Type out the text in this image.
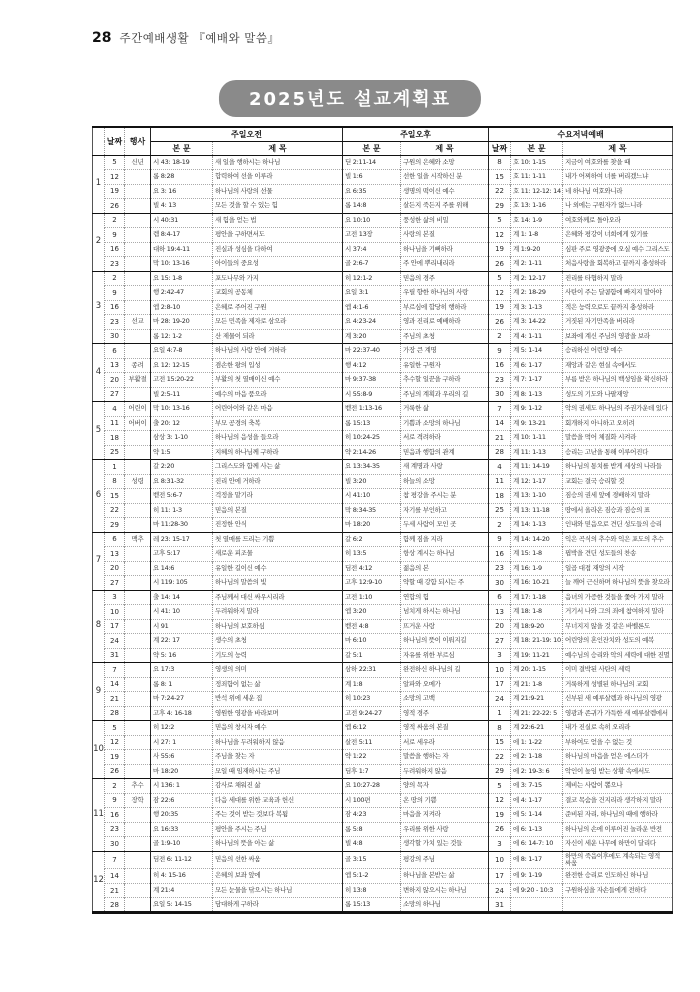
28 주간예배생활 『예배와 말씀』
2025년도 설교계획표
	날짜	행사	주일오전		주일오후		수요저녁예배		
			본 문	제 목	본 문	제 목	날짜	본 문	제 목
1	5	신년	시 43: 18-19	새 일을 행하시는 하나님	딛 2:11-14	구원의 은혜와 소망	8	호 10: 1-15	지금이 여호와를 찾을 때
	12		롬 8:28	합력하여 선을 이루라	빌 1:6	선한 일을 시작하신 분	15	호 11: 1-11	내가 어찌하여 너를 버리겠느냐
	19		요 3: 16	하나님의 사랑의 선물	요 6:35	생명의 떡이신 예수	22	호 11: 12-12: 14	네 하나님 여호와니라
	26		빌 4: 13	모든 것을 할 수 있는 힘	롬 14:8	살든지 죽든지 주를 위해	29	호 13: 1-16	나 외에는 구원자가 없느니라
2	2		시 40:31	새 힘을 얻는 법	요 10:10	풍성한 삶의 비밀	5	호 14: 1-9	여호와께로 돌아오라
	9		렘 8:4-17	평안을 구하면서도	고전 13장	사랑의 본질	12	계 1: 1-8	은혜와 평강이 너희에게 있기를
	16		대하 19:4-11	진실과 성심을 다하여	시 37:4	하나님을 기뻐하라	19	계 1:9-20	심판 주로 영광중에 오실 예수 그리스도
	23		막 10: 13-16	아이들의 중요성	골 2:6-7	주 안에 뿌리내리라	26	계 2: 1-11	처음사랑을 회복하고 끝까지 충성하라
3	2		요 15: 1-8	포도나무와 가지	히 12:1-2	믿음의 경주	5	계 2: 12-17	진리를 타협하지 말라
	9		행 2:42-47	교회의 공동체	요일 3:1	우릴 향한 하나님의 사랑	12	계 2: 18-29	사탄이 주는 달콤함에 빠지지 말아야
	16		엡 2:8-10	은혜로 주어진 구원	엡 4:1-6	부르심에 합당히 행하라	19	계 3: 1-13	적은 능력으로도 끝까지 충성하라
	23	선교	마 28: 19-20	모든 민족을 제자로 삼으라	요 4:23-24	영과 진리로 예배하라	26	계 3: 14-22	거짓된 자기만족을 버리라
	30		롬 12: 1-2	산 제물이 되라	계 3:20	주님의 초청	2	계 4: 1-11	보좌에 계신 주님의 영광을 보라
4	6		요일 4:7-8	하나님의 사랑 안에 거하라	마 22:37-40	가장 큰 계명	9	계 5: 1-14	승리하신 어린양 예수
	13	종려	요 12: 12-15	겸손한 왕의 입성	행 4:12	유일한 구원자	16	계 6: 1-17	재앙과 같은 현실 속에서도
	20	부활절	고전 15:20-22	부활의 첫 열매이신 예수	마 9:37-38	추수할 일꾼을 구하라	23	계 7: 1-17	부름 받은 하나님의 백성임을 확신하라
	27		빌 2:5-11	예수의 마음 품으라	시 55:8-9	주님의 계획과 우리의 길	30	계 8: 1-13	성도의 기도와 나팔재앙
5	4	어린이	막 10: 13-16	어린아이와 같은 마음	벧전 1:13-16	거룩한 삶	7	계 9: 1-12	악의 권세도 하나님의 주권가운데 있다
	11	어버이	출 20: 12	부모 공경의 축복	롬 15:13	기쁨과 소망의 하나님	14	계 9: 13-21	회개하지 아니하고 오히려
	18		삼상 3: 1-10	하나님의 음성을 들으라	히 10:24-25	서로 격려하라	21	계 10: 1-11	말씀을 먹어 체질화 시켜라
	25		약 1:5	지혜의 하나님께 구하라	약 2:14-26	믿음과 행함의 관계	28	계 11: 1-13	승리는 고난을 통해 이루어진다
6	1		갈 2:20	그리스도와 함께 사는 삶	요 13:34-35	새 계명과 사랑	4	계 11: 14-19	하나님의 통치를 받게 세상의 나라들
	8	성령	요 8:31-32	진리 안에 거하라	빌 3:20	하늘의 소망	11	계 12: 1-17	교회는 결국 승리할 것
	15		벧전 5:6-7	걱정을 맡기라	시 41:10	참 평강을 주시는 분	18	계 13: 1-10	짐승의 권세 앞에 경배하지 말라
	22		히 11: 1-3	믿음의 본질	막 8:34-35	자기를 부인하고	25	계 13: 11-18	땅에서 올라온 짐승과 짐승의 표
	29		마 11:28-30	진정한 안식	마 18:20	두세 사람이 모인 곳	2	계 14: 1-13	인내와 믿음으로 견딘 성도들의 승리
7	6	맥추	레 23: 15-17	첫 열매를 드리는 기쁨	갈 6:2	함께 짐을 지라	9	계 14: 14-20	익은 곡식의 추수와 익은 포도의 추수
	13		고후 5:17	새로운 피조물	히 13:5	항상 계시는 하나님	16	계 15: 1-8	핍박을 견딘 성도들의 찬송
	20		요 14:6	유일한 길이신 예수	딤전 4:12	젊음의 본	23	계 16: 1-9	일곱 대접 재앙의 시작
	27		시 119: 105	하나님의 말씀의 빛	고후 12:9-10	약할 때 강함 되시는 주	30	계 16: 10-21	늘 깨어 근신하며 하나님의 뜻을 찾으라
8	3		출 14: 14	주님께서 대신 싸우시리라	고전 1:10	연합의 힘	6	계 17: 1-18	음녀의 가증한 것들을 쫓아 가지 말라
	10		시 41: 10	두려워하지 말라	엡 3:20	넘치게 하시는 하나님	13	계 18: 1-8	거기서 나와 그의 죄에 참여하지 말라
	17		시 91	하나님의 보호하심	벧전 4:8	뜨거운 사랑	20	계 18:9-20	무너지지 않을 것 같은 바벨론도
	24		계 22: 17	생수의 초청	마 6:10	하나님의 뜻이 이뤄지길	27	계 18: 21-19: 10	어린양의 혼인잔치와 성도의 예복
	31		약 5: 16	기도의 능력	갈 5:1	자유를 위한 부르심	3	계 19: 11-21	예수님의 승리와 악의 세력에 대한 진멸
9	7		요 17:3	영생의 의미	삼하 22:31	완전하신 하나님의 길	10	계 20: 1-15	이미 결박된 사탄의 세력
	14		롬 8: 1	정죄함이 없는 삶	계 1:8	알파와 오메가	17	계 21: 1-8	거룩하게 성별된 하나님의 교회
	21		마 7:24-27	반석 위에 세운 집	히 10:23	소망의 고백	24	계 21:9-21	신부된 새 예루살렘과 하나님의 영광
	28		고후 4: 16-18	영원한 영광을 바라보며	고전 9:24-27	영적 경주	1	계 21: 22-22: 5	영광과 존귀가 가득한 새 예루살렘에서
10	5		히 12:2	믿음의 창시자 예수	엡 6:12	영적 싸움의 본질	8	계 22:6-21	내가 진실로 속히 오리라
	12		시 27: 1	하나님을 두려워하지 않음	살전 5:11	서로 세우라	15	에 1: 1-22	부하여도 얻을 수 없는 것
	19		사 55:6	주님을 찾는 자	약 1:22	말씀을 행하는 자	22	에 2: 1-18	하나님의 마음을 얻은 에스더가
	26		마 18:20	모일 때 임재하시는 주님	딤후 1:7	두려워하지 않음	29	에 2: 19-3: 6	악인이 높임 받는 상황 속에서도
11	2	추수	시 136: 1	감사로 채워진 삶	요 10:27-28	양의 목자	5	에 3: 7-15	제비는 사람이 뽑으나
	9	장학	잠 22:6	다음 세대를 위한 교육과 헌신	시 100편	온 땅의 기쁨	12	에 4: 1-17	결코 목숨을 건지리라 생각하지 말라
	16		행 20:35	주는 것이 받는 것보다 복됨	잠 4:23	마음을 지켜라	19	에 5: 1-14	준비된 자리, 하나님의 때에 행하라
	23		요 16:33	평안을 주시는 주님	롬 5:8	우리를 위한 사랑	26	에 6: 1-13	하나님의 손에 이루어진 놀라운 반전
	30		골 1:9-10	하나님의 뜻을 아는 삶	빌 4:8	생각할 가치 있는 것들	3	에 6: 14-7: 10	자신이 세운 나무에 하만이 달리다
12	7		딤전 6: 11-12	믿음의 선한 싸움	골 3:15	평강의 주님	10	에 8: 1-17	하만의 죽음이후에도 계속되는 영적 싸움
	14		히 4: 15-16	은혜의 보좌 앞에	엡 5:1-2	하나님을 본받는 삶	17	에 9: 1-19	완전한 승리로 인도하신 하나님
	21		계 21:4	모든 눈물을 닦으시는 하나님	히 13:8	변하지 않으시는 하나님	24	에 9:20 - 10:3	구원하심을 자손들에게 전하다
	28		요일 5: 14-15	담대하게 구하라	롬 15:13	소망의 하나님	31		
